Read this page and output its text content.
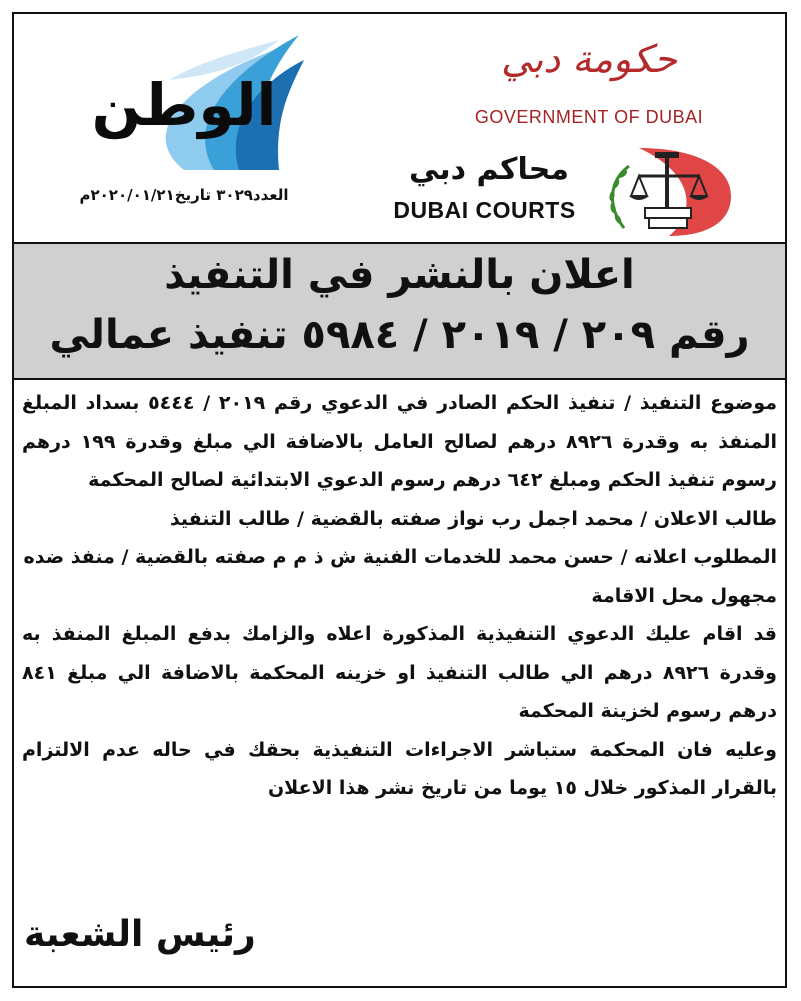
الوطن
العدد٣٠٢٩ تاريخ٢٠٢٠/٠١/٢١م
حكومة دبي
GOVERNMENT OF DUBAI
محاكم دبي
DUBAI COURTS
اعلان بالنشر في التنفيذ
رقم ٢٠٩ / ٢٠١٩ / ٥٩٨٤ تنفيذ عمالي

موضوع التنفيذ / تنفيذ الحكم الصادر في الدعوي رقم ٢٠١٩ / ٥٤٤٤ بسداد المبلغ المنفذ به وقدرة ٨٩٢٦ درهم لصالح العامل بالاضافة الي مبلغ وقدرة ١٩٩ درهم رسوم تنفيذ الحكم ومبلغ ٦٤٢ درهم رسوم الدعوي الابتدائية لصالح المحكمة

طالب الاعلان / محمد اجمل رب نواز صفته بالقضية / طالب التنفيذ

المطلوب اعلانه / حسن محمد للخدمات الفنية ش ذ م م صفته بالقضية / منفذ ضده

مجهول محل الاقامة

قد اقام عليك الدعوي التنفيذية المذكورة اعلاه والزامك بدفع المبلغ المنفذ به وقدرة ٨٩٢٦ درهم الي طالب التنفيذ او خزينه المحكمة بالاضافة الي مبلغ ٨٤١ درهم رسوم لخزينة المحكمة

وعليه فان المحكمة ستباشر الاجراءات التنفيذية بحقك في حاله عدم الالتزام بالقرار المذكور خلال ١٥ يوما من تاريخ نشر هذا الاعلان

رئيس الشعبة
